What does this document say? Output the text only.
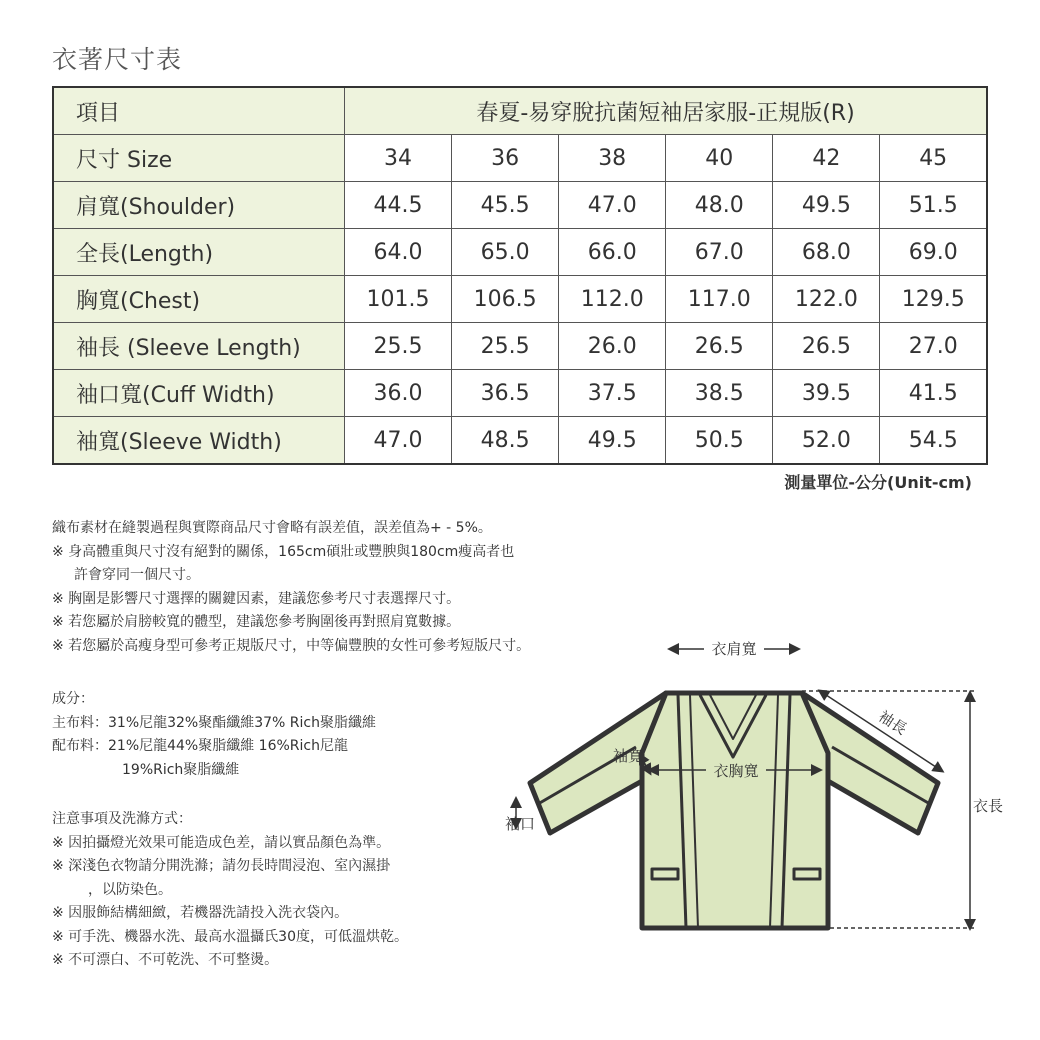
衣著尺寸表
項目	春夏-易穿脫抗菌短袖居家服-正規版(R)					
尺寸 Size	34	36	38	40	42	45
肩寬(Shoulder)	44.5	45.5	47.0	48.0	49.5	51.5
全長(Length)	64.0	65.0	66.0	67.0	68.0	69.0
胸寬(Chest)	101.5	106.5	112.0	117.0	122.0	129.5
袖長 (Sleeve Length)	25.5	25.5	26.0	26.5	26.5	27.0
袖口寬(Cuff Width)	36.0	36.5	37.5	38.5	39.5	41.5
袖寬(Sleeve Width)	47.0	48.5	49.5	50.5	52.0	54.5
測量單位-公分(Unit-cm)

織布素材在縫製過程與實際商品尺寸會略有誤差值，誤差值為+ - 5%。

※ 身高體重與尺寸沒有絕對的關係，165cm碩壯或豐腴與180cm瘦高者也

許會穿同一個尺寸。

※ 胸圍是影響尺寸選擇的關鍵因素，建議您參考尺寸表選擇尺寸。

※ 若您屬於肩膀較寬的體型，建議您參考胸圍後再對照肩寬數據。

※ 若您屬於高瘦身型可參考正規版尺寸，中等偏豐腴的女性可參考短版尺寸。

成分：

主布料：31%尼龍32%聚酯纖維37% Rich聚脂纖維

配布料：21%尼龍44%聚脂纖維 16%Rich尼龍

19%Rich聚脂纖維

注意事項及洗滌方式：

※ 因拍攝燈光效果可能造成色差，請以實品顏色為準。

※ 深淺色衣物請分開洗滌；請勿長時間浸泡、室內濕掛

，以防染色。

※ 因服飾結構細緻，若機器洗請投入洗衣袋內。

※ 可手洗、機器水洗、最高水溫攝氏30度，可低溫烘乾。

※ 不可漂白、不可乾洗、不可整燙。

衣肩寬
衣胸寬
袖寬
袖長
袖口
衣長
